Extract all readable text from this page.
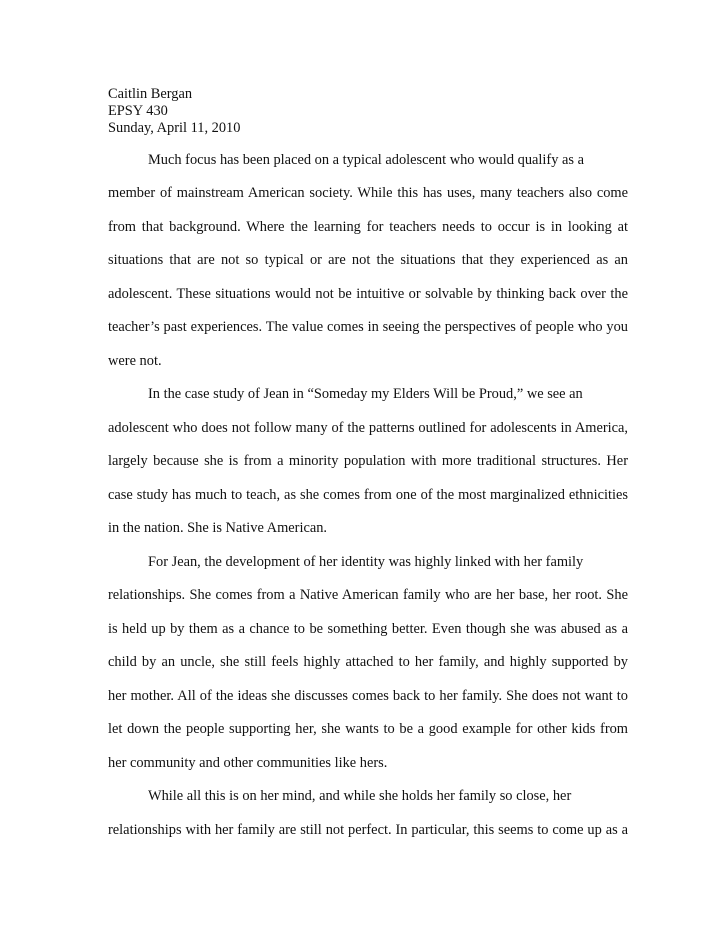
Caitlin Bergan
EPSY 430
Sunday, April 11, 2010
Much focus has been placed on a typical adolescent who would qualify as a
member of mainstream American society. While this has uses, many teachers also come
from that background. Where the learning for teachers needs to occur is in looking at
situations that are not so typical or are not the situations that they experienced as an
adolescent. These situations would not be intuitive or solvable by thinking back over the
teacher’s past experiences. The value comes in seeing the perspectives of people who you
were not.
In the case study of Jean in “Someday my Elders Will be Proud,” we see an
adolescent who does not follow many of the patterns outlined for adolescents in America,
largely because she is from a minority population with more traditional structures. Her
case study has much to teach, as she comes from one of the most marginalized ethnicities
in the nation. She is Native American.
For Jean, the development of her identity was highly linked with her family
relationships. She comes from a Native American family who are her base, her root. She
is held up by them as a chance to be something better. Even though she was abused as a
child by an uncle, she still feels highly attached to her family, and highly supported by
her mother. All of the ideas she discusses comes back to her family. She does not want to
let down the people supporting her, she wants to be a good example for other kids from
her community and other communities like hers.
While all this is on her mind, and while she holds her family so close, her
relationships with her family are still not perfect. In particular, this seems to come up as a
